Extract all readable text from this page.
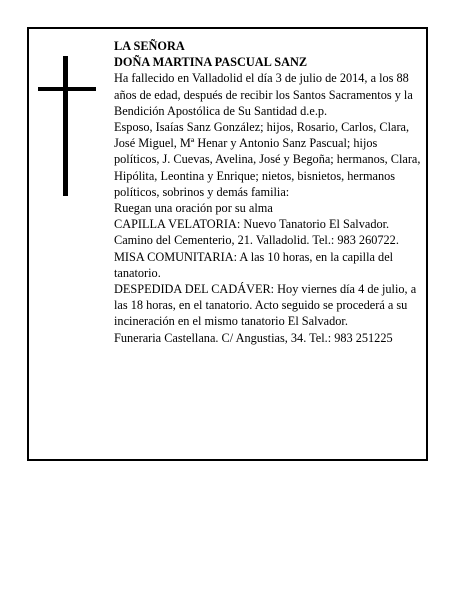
LA SEÑORA

DOÑA MARTINA PASCUAL SANZ

Ha fallecido en Valladolid el día 3 de julio de 2014, a los 88 años de edad, después de recibir los Santos Sacramentos y la Bendición Apostólica de Su Santidad d.e.p.

Esposo, Isaías Sanz González; hijos, Rosario, Carlos, Clara, José Miguel, Mª Henar y Antonio Sanz Pascual; hijos políticos, J. Cuevas, Avelina, José y Begoña; hermanos, Clara, Hipólita, Leontina y Enrique; nietos, bisnietos, hermanos políticos, sobrinos y demás familia:

Ruegan una oración por su alma

CAPILLA VELATORIA: Nuevo Tanatorio El Salvador. Camino del Cementerio, 21. Valladolid. Tel.: 983 260722. MISA COMUNITARIA: A las 10 horas, en la capilla del tanatorio.

DESPEDIDA DEL CADÁVER: Hoy viernes día 4 de julio, a las 18 horas, en el tanatorio. Acto seguido se procederá a su incineración en el mismo tanatorio El Salvador.

Funeraria Castellana. C/ Angustias, 34. Tel.: 983 251225
